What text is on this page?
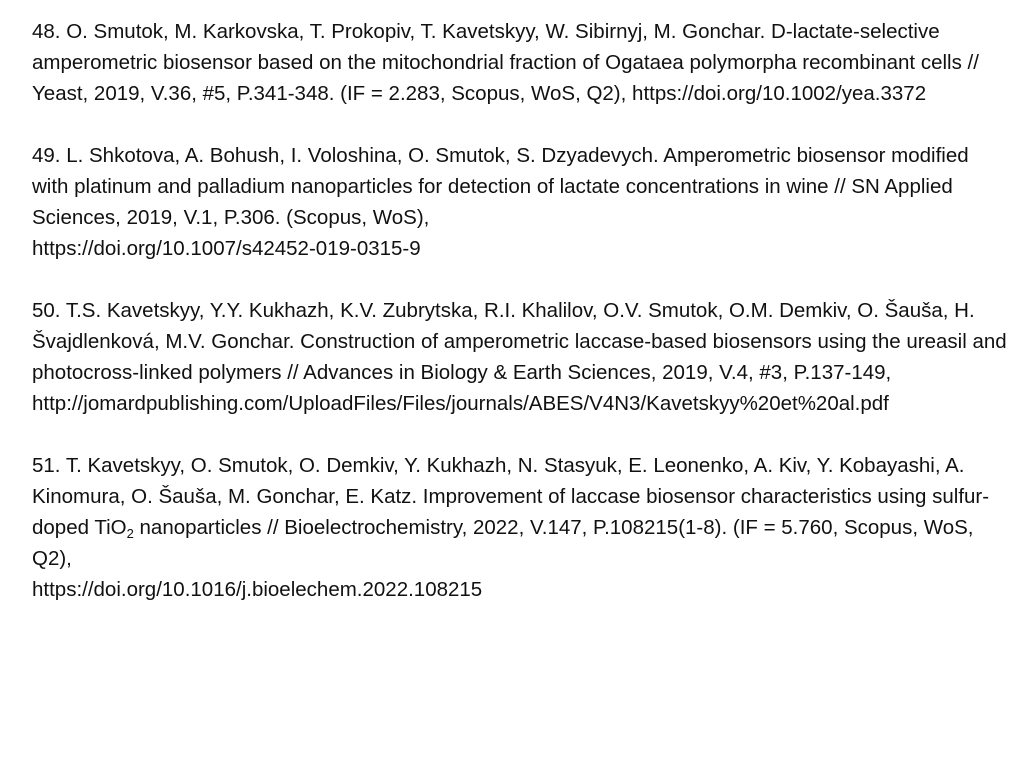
48. O. Smutok, M. Karkovska, T. Prokopiv, T. Kavetskyy, W. Sibirnyj, M. Gonchar. D-lactate-selective amperometric biosensor based on the mitochondrial fraction of Ogataea polymorpha recombinant cells // Yeast, 2019, V.36, #5, P.341-348. (IF = 2.283, Scopus, WoS, Q2), https://doi.org/10.1002/yea.3372

49. L. Shkotova, A. Bohush, I. Voloshina, O. Smutok, S. Dzyadevych. Amperometric biosensor modified with platinum and palladium nanoparticles for detection of lactate concentrations in wine // SN Applied Sciences, 2019, V.1, P.306. (Scopus, WoS),
https://doi.org/10.1007/s42452-019-0315-9

50. T.S. Kavetskyy, Y.Y. Kukhazh, K.V. Zubrytska, R.I. Khalilov, O.V. Smutok, O.M. Demkiv, O. Šauša, H. Švajdlenková, M.V. Gonchar. Construction of amperometric laccase-based biosensors using the ureasil and photocross-linked polymers // Advances in Biology & Earth Sciences, 2019, V.4, #3, P.137-149,
http://jomardpublishing.com/UploadFiles/Files/journals/ABES/V4N3/Kavetskyy%20et%20al.pdf

51. T. Kavetskyy, O. Smutok, O. Demkiv, Y. Kukhazh, N. Stasyuk, E. Leonenko, A. Kiv, Y. Kobayashi, A. Kinomura, O. Šauša, M. Gonchar, E. Katz. Improvement of laccase biosensor characteristics using sulfur-doped TiO$_2$ nanoparticles // Bioelectrochemistry, 2022, V.147, P.108215(1-8). (IF = 5.760, Scopus, WoS, Q2),
https://doi.org/10.1016/j.bioelechem.2022.108215
